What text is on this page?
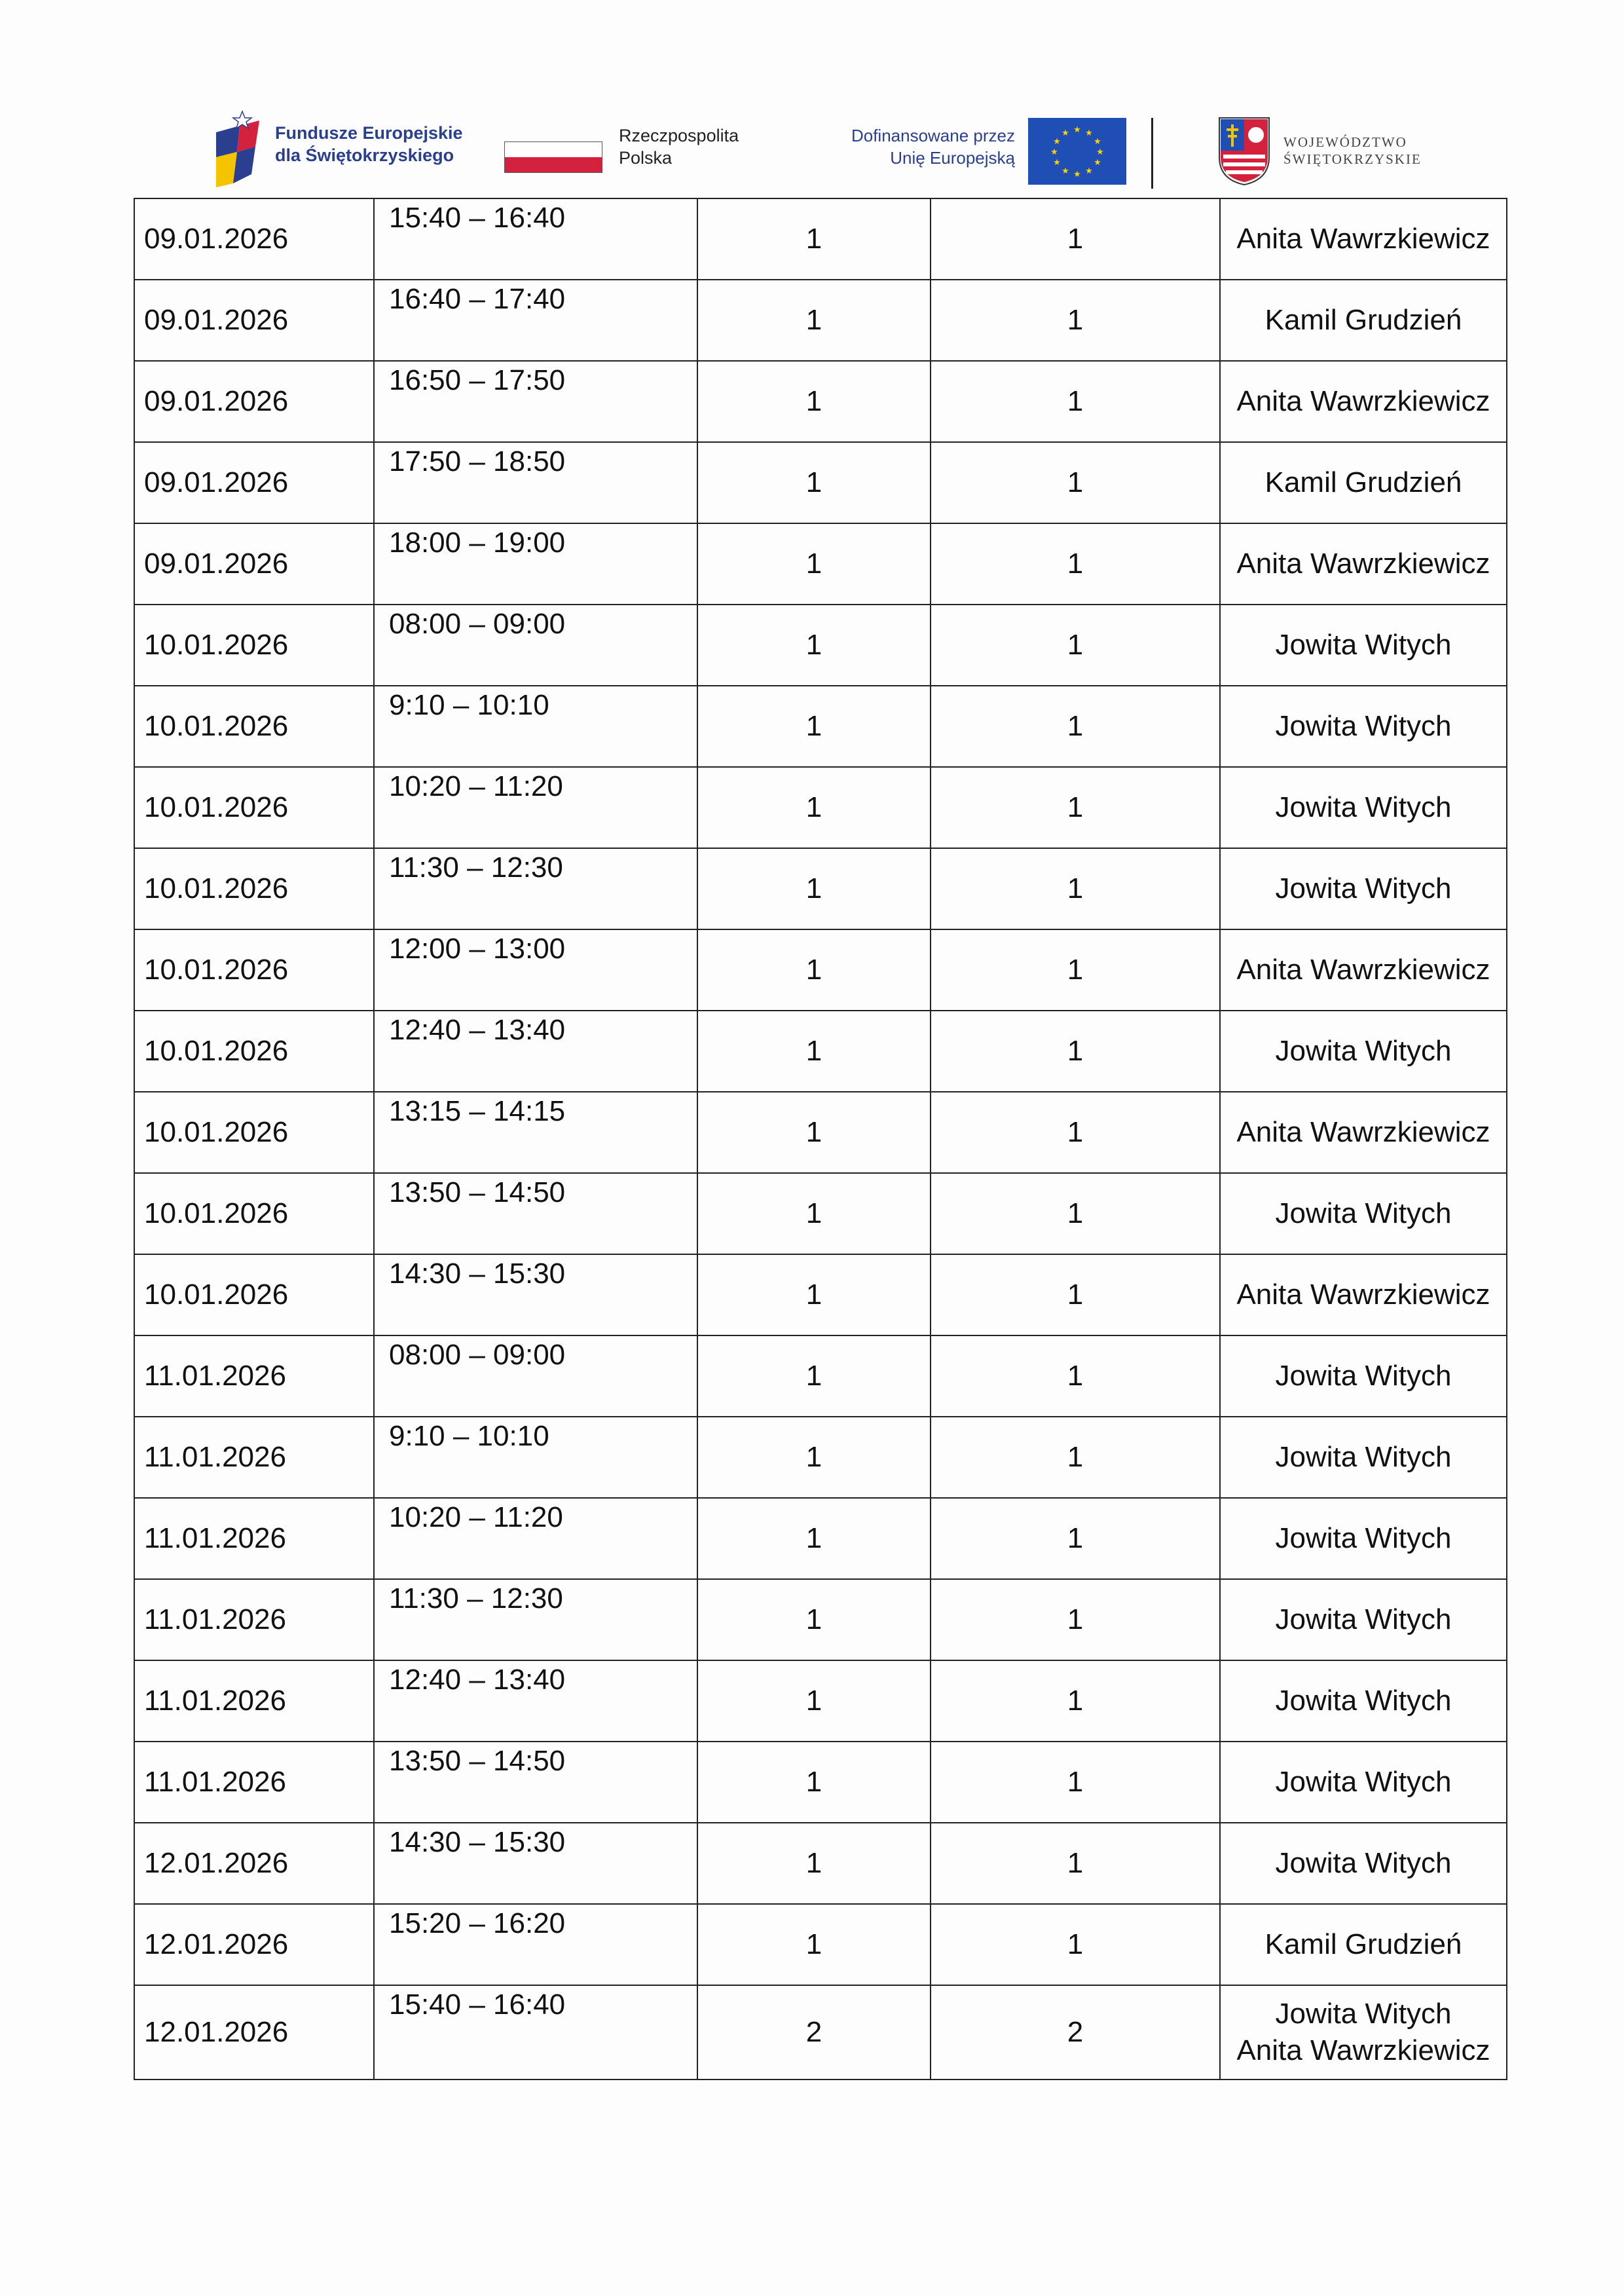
Fundusze Europejskie
dla Świętokrzyskiego
Rzeczpospolita
Polska
Dofinansowane przez
Unię Europejską
★ ★
★
★
★
★
★
★
★
★
★
★
WOJEWÓDZTWO
ŚWIĘTOKRZYSKIE
09.01.2026	15:40 – 16:40	1	1	Anita Wawrzkiewicz

09.01.2026	16:40 – 17:40	1	1	Kamil Grudzień

09.01.2026	16:50 – 17:50	1	1	Anita Wawrzkiewicz

09.01.2026	17:50 – 18:50	1	1	Kamil Grudzień

09.01.2026	18:00 – 19:00	1	1	Anita Wawrzkiewicz

10.01.2026	08:00 – 09:00	1	1	Jowita Witych

10.01.2026	9:10 – 10:10	1	1	Jowita Witych

10.01.2026	10:20 – 11:20	1	1	Jowita Witych

10.01.2026	11:30 – 12:30	1	1	Jowita Witych

10.01.2026	12:00 – 13:00	1	1	Anita Wawrzkiewicz

10.01.2026	12:40 – 13:40	1	1	Jowita Witych

10.01.2026	13:15 – 14:15	1	1	Anita Wawrzkiewicz

10.01.2026	13:50 – 14:50	1	1	Jowita Witych

10.01.2026	14:30 – 15:30	1	1	Anita Wawrzkiewicz

11.01.2026	08:00 – 09:00	1	1	Jowita Witych

11.01.2026	9:10 – 10:10	1	1	Jowita Witych

11.01.2026	10:20 – 11:20	1	1	Jowita Witych

11.01.2026	11:30 – 12:30	1	1	Jowita Witych

11.01.2026	12:40 – 13:40	1	1	Jowita Witych

11.01.2026	13:50 – 14:50	1	1	Jowita Witych

12.01.2026	14:30 – 15:30	1	1	Jowita Witych

12.01.2026	15:20 – 16:20	1	1	Kamil Grudzień

12.01.2026	15:40 – 16:40	2	2	Jowita Witych
Anita Wawrzkiewicz
